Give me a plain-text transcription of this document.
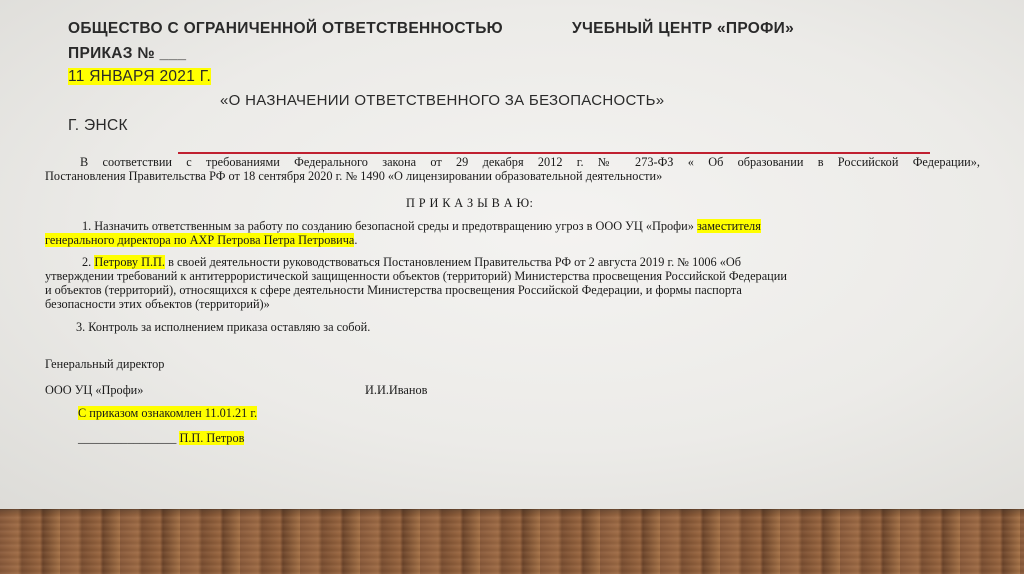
ОБЩЕСТВО С ОГРАНИЧЕННОЙ ОТВЕТСТВЕННОСТЬЮ	УЧЕБНЫЙ ЦЕНТР «ПРОФИ»
ПРИКАЗ № ___
11 ЯНВАРЯ 2021 Г.
«О НАЗНАЧЕНИИ ОТВЕТСТВЕННОГО ЗА БЕЗОПАСНОСТЬ»
Г. ЭНСК
В соответствии с требованиями Федерального закона от 29 декабря 2012 г. № 273-ФЗ « Об образовании в Российской Федерации»,
Постановления Правительства РФ от 18 сентября 2020 г. № 1490 «О лицензировании образовательной деятельности»
П Р И К А З Ы В А Ю:
1. Назначить ответственным за работу по созданию безопасной среды и предотвращению угроз в ООО УЦ «Профи» заместителя
генерального директора по АХР Петрова Петра Петровича.
2. Петрову П.П. в своей деятельности руководствоваться Постановлением Правительства РФ от 2 августа 2019 г. № 1006 «Об
утверждении требований к антитеррористической защищенности объектов (территорий) Министерства просвещения Российской Федерации
и объектов (территорий), относящихся к сфере деятельности Министерства просвещения Российской Федерации, и формы паспорта
безопасности этих объектов (территорий)»
3. Контроль за исполнением приказа оставляю за собой.
Генеральный директор
ООО УЦ «Профи»	И.И.Иванов
С приказом ознакомлен 11.01.21 г.
________________ П.П. Петров
